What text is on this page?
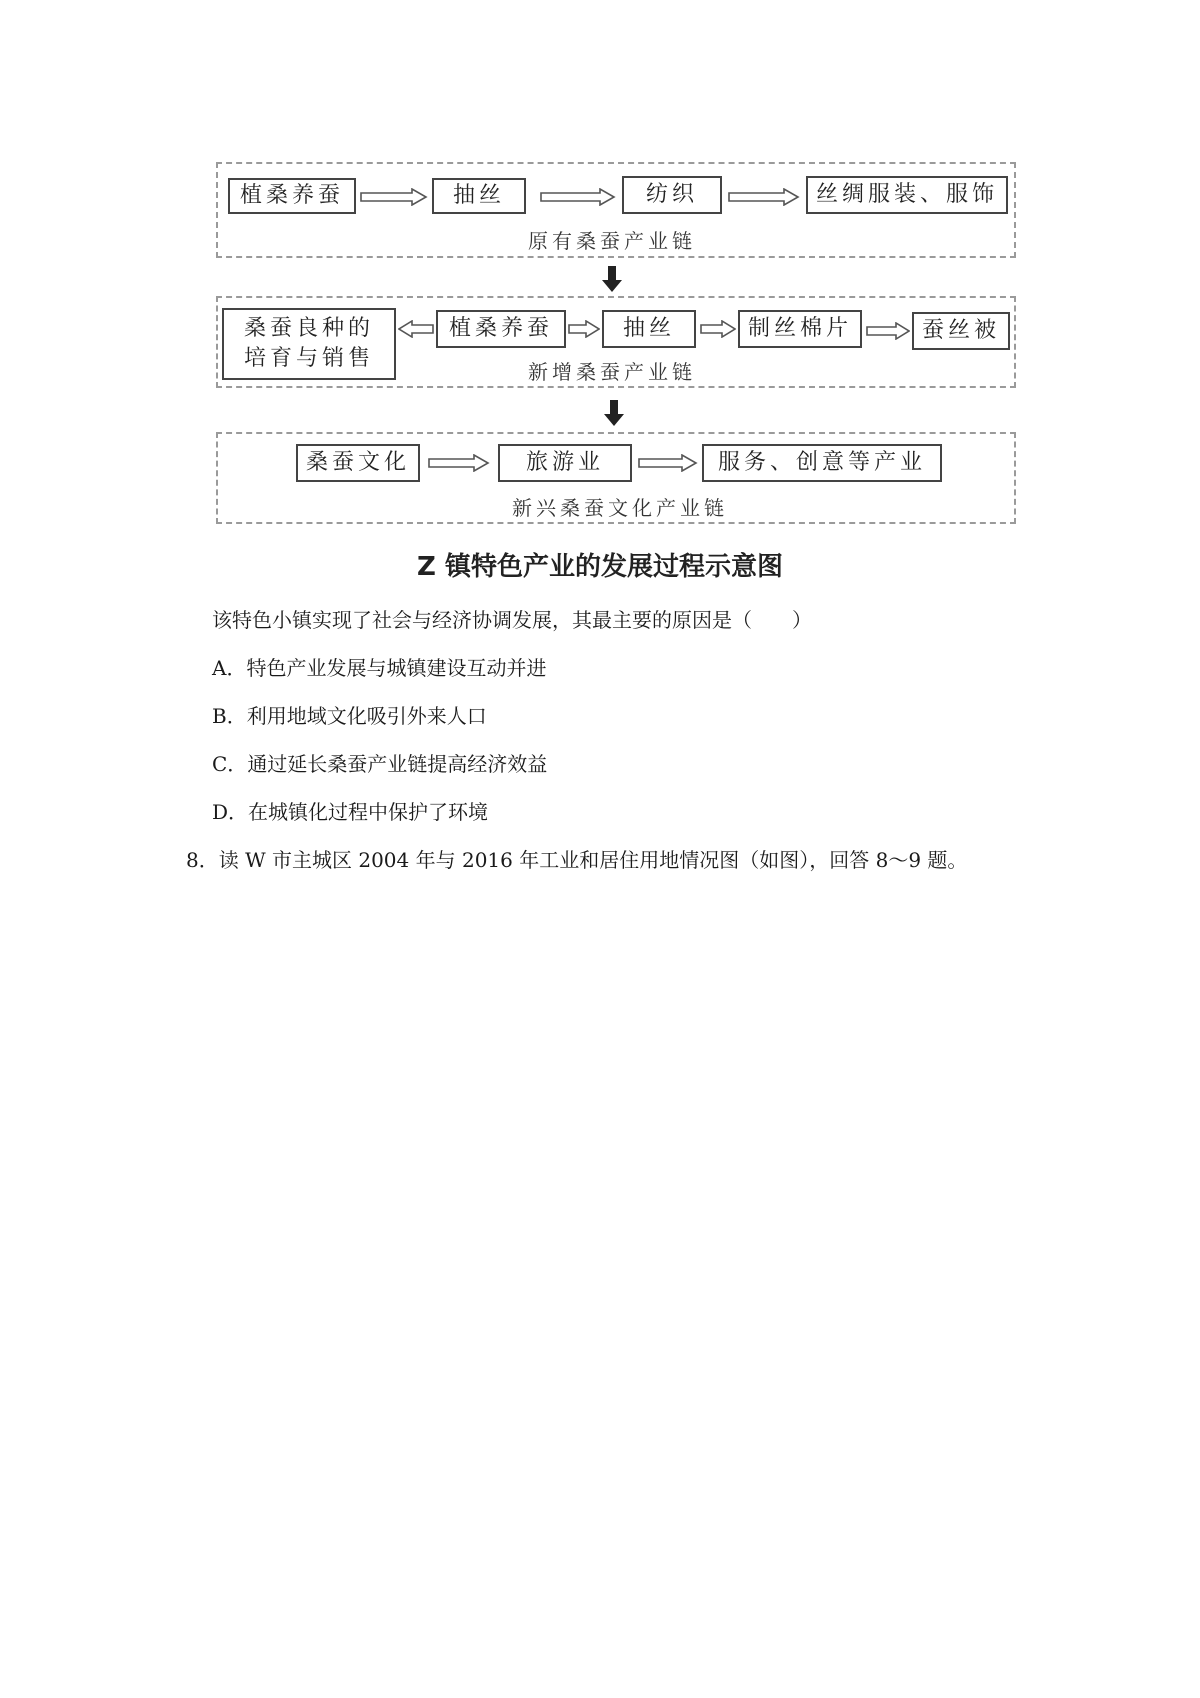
植桑养蚕	抽丝	纺织	丝绸服装、服饰
原有桑蚕产业链
桑蚕良种的培育与销售
植桑养蚕	抽丝	制丝棉片	蚕丝被
新增桑蚕产业链
桑蚕文化	旅游业	服务、创意等产业
新兴桑蚕文化产业链
Z 镇特色产业的发展过程示意图
该特色小镇实现了社会与经济协调发展，其最主要的原因是（　　）
A．特色产业发展与城镇建设互动并进
B．利用地域文化吸引外来人口
C．通过延长桑蚕产业链提高经济效益
D．在城镇化过程中保护了环境
8．读 W 市主城区 2004 年与 2016 年工业和居住用地情况图（如图），回答 8～9 题。
